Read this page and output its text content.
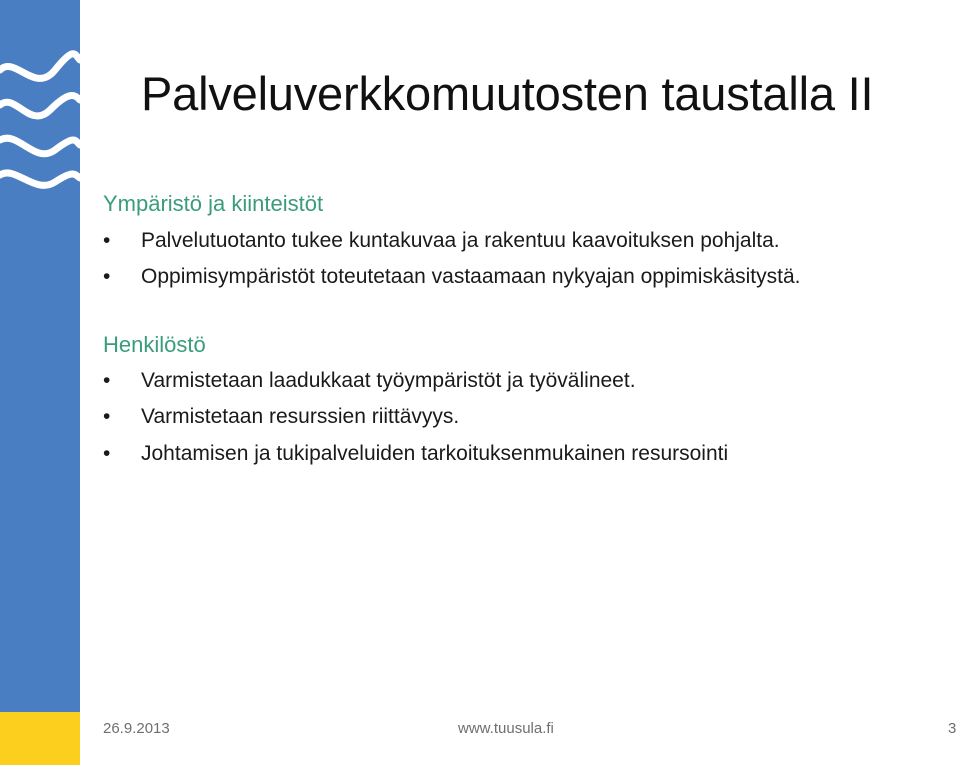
Palveluverkkomuutosten taustalla II
Ympäristö ja kiinteistöt
• Palvelutuotanto tukee kuntakuvaa ja rakentuu kaavoituksen pohjalta.
• Oppimisympäristöt toteutetaan vastaamaan nykyajan oppimiskäsitystä.
Henkilöstö
• Varmistetaan laadukkaat työympäristöt ja työvälineet.
• Varmistetaan resurssien riittävyys.
• Johtamisen ja tukipalveluiden tarkoituksenmukainen resursointi
26.9.2013	www.tuusula.fi	3
